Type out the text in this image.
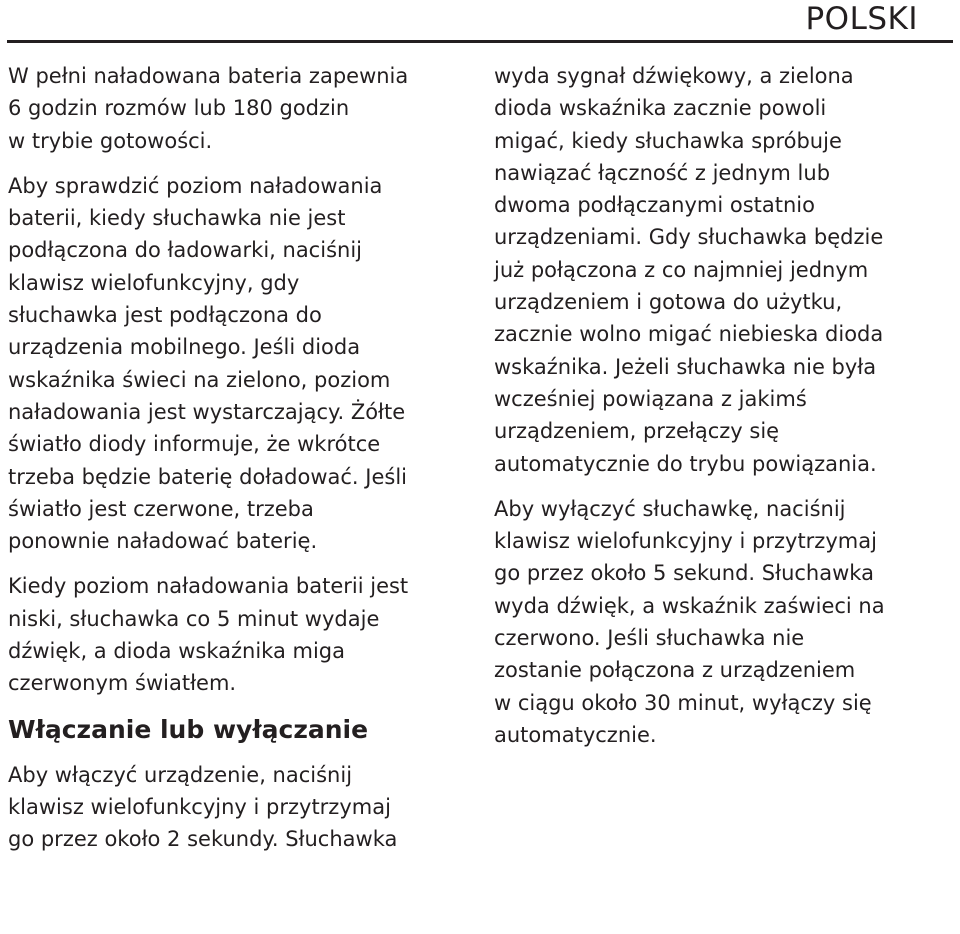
POLSKI

W pełni naładowana bateria zapewnia
6 godzin rozmów lub 180 godzin
w trybie gotowości.

Aby sprawdzić poziom naładowania
baterii, kiedy słuchawka nie jest
podłączona do ładowarki, naciśnij
klawisz wielofunkcyjny, gdy
słuchawka jest podłączona do
urządzenia mobilnego. Jeśli dioda
wskaźnika świeci na zielono, poziom
naładowania jest wystarczający. Żółte
światło diody informuje, że wkrótce
trzeba będzie baterię doładować. Jeśli
światło jest czerwone, trzeba
ponownie naładować baterię.

Kiedy poziom naładowania baterii jest
niski, słuchawka co 5 minut wydaje
dźwięk, a dioda wskaźnika miga
czerwonym światłem.

Włączanie lub wyłączanie

Aby włączyć urządzenie, naciśnij
klawisz wielofunkcyjny i przytrzymaj
go przez około 2 sekundy. Słuchawka

wyda sygnał dźwiękowy, a zielona
dioda wskaźnika zacznie powoli
migać, kiedy słuchawka spróbuje
nawiązać łączność z jednym lub
dwoma podłączanymi ostatnio
urządzeniami. Gdy słuchawka będzie
już połączona z co najmniej jednym
urządzeniem i gotowa do użytku,
zacznie wolno migać niebieska dioda
wskaźnika. Jeżeli słuchawka nie była
wcześniej powiązana z jakimś
urządzeniem, przełączy się
automatycznie do trybu powiązania.

Aby wyłączyć słuchawkę, naciśnij
klawisz wielofunkcyjny i przytrzymaj
go przez około 5 sekund. Słuchawka
wyda dźwięk, a wskaźnik zaświeci na
czerwono. Jeśli słuchawka nie
zostanie połączona z urządzeniem
w ciągu około 30 minut, wyłączy się
automatycznie.
